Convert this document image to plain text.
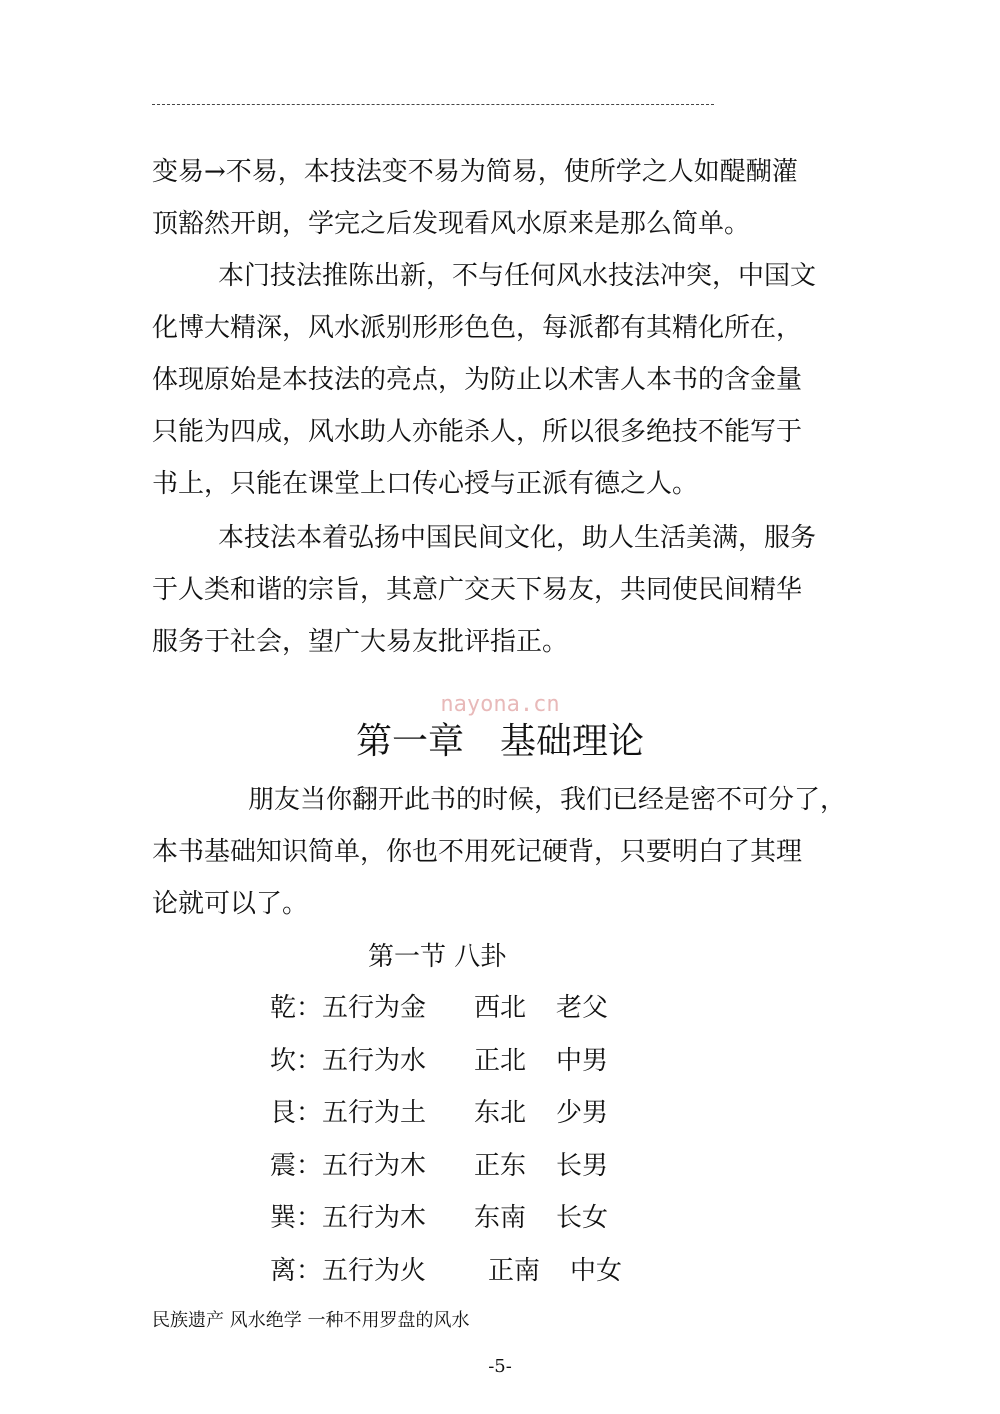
变易→不易，本技法变不易为简易，使所学之人如醍醐灌

顶豁然开朗，学完之后发现看风水原来是那么简单。

本门技法推陈出新，不与任何风水技法冲突，中国文

化博大精深，风水派别形形色色，每派都有其精化所在，

体现原始是本技法的亮点，为防止以术害人本书的含金量

只能为四成，风水助人亦能杀人，所以很多绝技不能写于

书上，只能在课堂上口传心授与正派有德之人。

本技法本着弘扬中国民间文化，助人生活美满，服务

于人类和谐的宗旨，其意广交天下易友，共同使民间精华

服务于社会，望广大易友批评指正。

nayona.cn
第一章　基础理论

朋友当你翻开此书的时候，我们已经是密不可分了，

本书基础知识简单，你也不用死记硬背，只要明白了其理

论就可以了。

第一节 八卦
乾： 五行为金 西北 老父
坎： 五行为水 正北 中男
艮： 五行为土 东北 少男
震： 五行为木 正东 长男
巽： 五行为木 东南 长女
离： 五行为火 正南 中女
民族遗产 风水绝学 一种不用罗盘的风水
-5-
